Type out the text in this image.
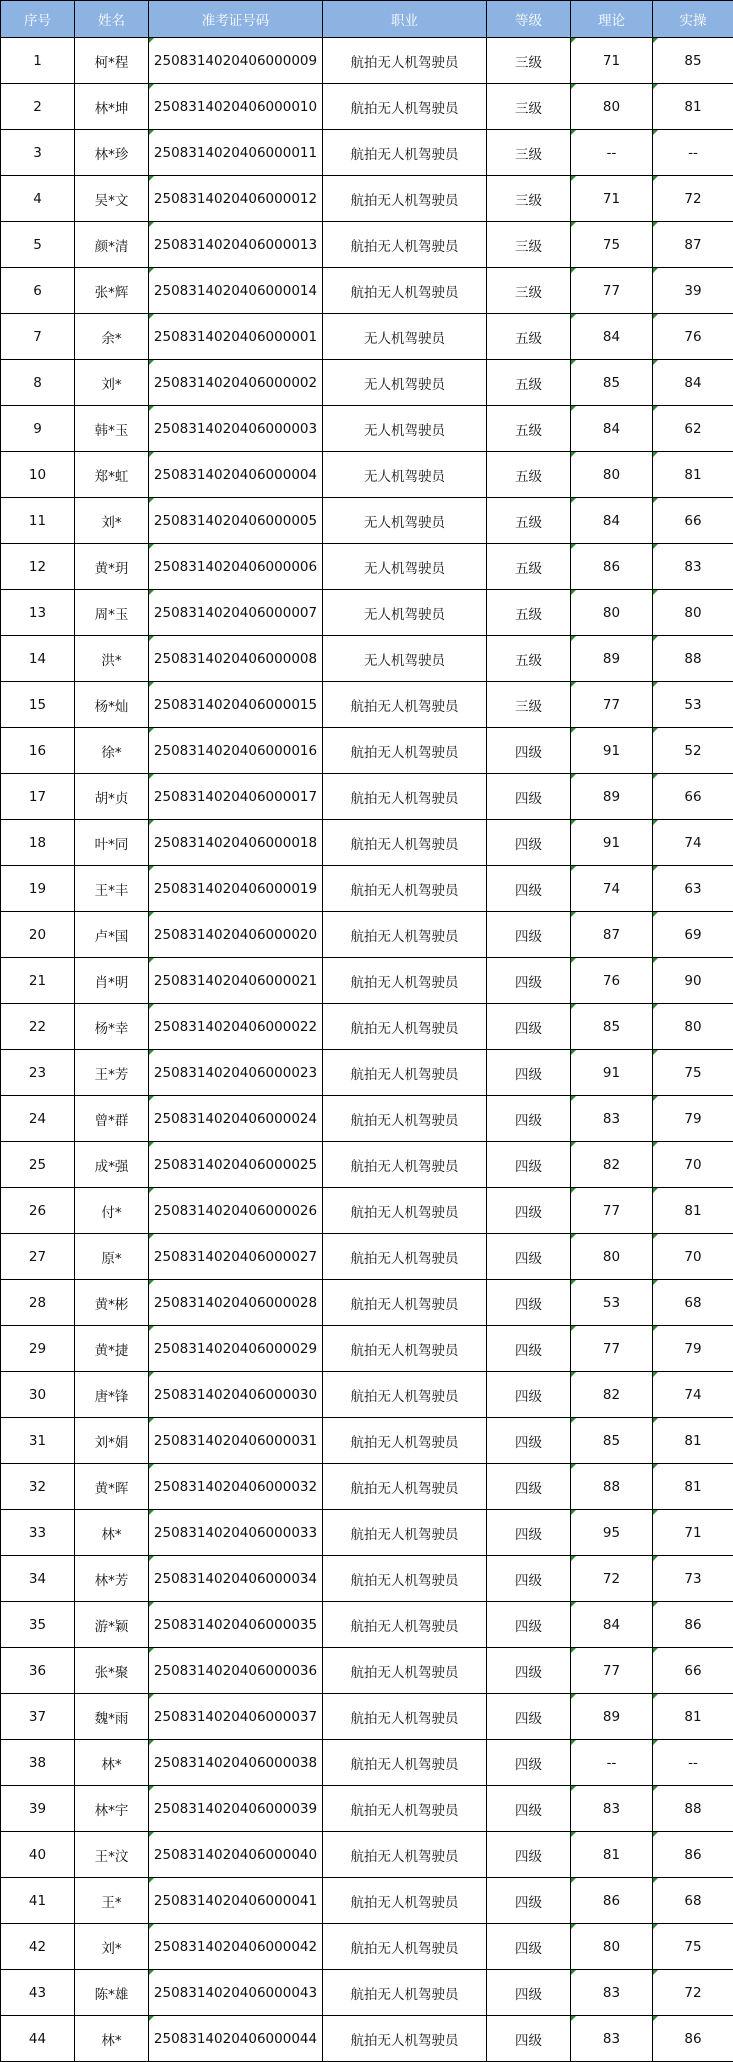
序号	姓名	准考证号码	职业	等级	理论	实操
1	柯*程	2508314020406000009	航拍无人机驾驶员	三级	71	85
2	林*坤	2508314020406000010	航拍无人机驾驶员	三级	80	81
3	林*珍	2508314020406000011	航拍无人机驾驶员	三级	--	--
4	吴*文	2508314020406000012	航拍无人机驾驶员	三级	71	72
5	颜*清	2508314020406000013	航拍无人机驾驶员	三级	75	87
6	张*辉	2508314020406000014	航拍无人机驾驶员	三级	77	39
7	余*	2508314020406000001	无人机驾驶员	五级	84	76
8	刘*	2508314020406000002	无人机驾驶员	五级	85	84
9	韩*玉	2508314020406000003	无人机驾驶员	五级	84	62
10	郑*虹	2508314020406000004	无人机驾驶员	五级	80	81
11	刘*	2508314020406000005	无人机驾驶员	五级	84	66
12	黄*玥	2508314020406000006	无人机驾驶员	五级	86	83
13	周*玉	2508314020406000007	无人机驾驶员	五级	80	80
14	洪*	2508314020406000008	无人机驾驶员	五级	89	88
15	杨*灿	2508314020406000015	航拍无人机驾驶员	三级	77	53
16	徐*	2508314020406000016	航拍无人机驾驶员	四级	91	52
17	胡*贞	2508314020406000017	航拍无人机驾驶员	四级	89	66
18	叶*同	2508314020406000018	航拍无人机驾驶员	四级	91	74
19	王*丰	2508314020406000019	航拍无人机驾驶员	四级	74	63
20	卢*国	2508314020406000020	航拍无人机驾驶员	四级	87	69
21	肖*明	2508314020406000021	航拍无人机驾驶员	四级	76	90
22	杨*幸	2508314020406000022	航拍无人机驾驶员	四级	85	80
23	王*芳	2508314020406000023	航拍无人机驾驶员	四级	91	75
24	曾*群	2508314020406000024	航拍无人机驾驶员	四级	83	79
25	成*强	2508314020406000025	航拍无人机驾驶员	四级	82	70
26	付*	2508314020406000026	航拍无人机驾驶员	四级	77	81
27	原*	2508314020406000027	航拍无人机驾驶员	四级	80	70
28	黄*彬	2508314020406000028	航拍无人机驾驶员	四级	53	68
29	黄*捷	2508314020406000029	航拍无人机驾驶员	四级	77	79
30	唐*锋	2508314020406000030	航拍无人机驾驶员	四级	82	74
31	刘*娟	2508314020406000031	航拍无人机驾驶员	四级	85	81
32	黄*晖	2508314020406000032	航拍无人机驾驶员	四级	88	81
33	林*	2508314020406000033	航拍无人机驾驶员	四级	95	71
34	林*芳	2508314020406000034	航拍无人机驾驶员	四级	72	73
35	游*颖	2508314020406000035	航拍无人机驾驶员	四级	84	86
36	张*聚	2508314020406000036	航拍无人机驾驶员	四级	77	66
37	魏*雨	2508314020406000037	航拍无人机驾驶员	四级	89	81
38	林*	2508314020406000038	航拍无人机驾驶员	四级	--	--
39	林*宇	2508314020406000039	航拍无人机驾驶员	四级	83	88
40	王*汶	2508314020406000040	航拍无人机驾驶员	四级	81	86
41	王*	2508314020406000041	航拍无人机驾驶员	四级	86	68
42	刘*	2508314020406000042	航拍无人机驾驶员	四级	80	75
43	陈*雄	2508314020406000043	航拍无人机驾驶员	四级	83	72
44	林*	2508314020406000044	航拍无人机驾驶员	四级	83	86
